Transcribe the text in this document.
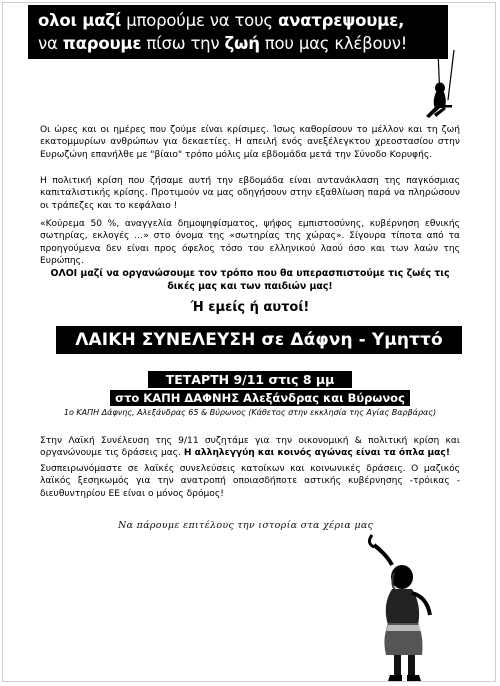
ολοι μαζί μπορούμε να τους ανατρεψουμε,
να παρουμε πίσω την ζωή που μας κλέβουν!

Οι ώρες και οι ημέρες που ζούμε είναι κρίσιμες. Ίσως καθορίσουν το μέλλον και τη ζωή εκατομμυρίων ανθρώπων για δεκαετίες. Η απειλή ενός ανεξέλεγκτου χρεοστασίου στην Ευρωζώνη επανήλθε με "βίαιο" τρόπο μόλις μία εβδομάδα μετά την Σύνοδο Κορυφής.

Η πολιτική κρίση που ζήσαμε αυτή την εβδομάδα είναι αντανάκλαση της παγκόσμιας καπιταλιστικής κρίσης. Προτιμούν να μας οδηγήσουν στην εξαθλίωση παρά να πληρώσουν οι τράπεζες και το κεφάλαιο !

«Κούρεμα 50 %, αναγγελία δημοψηφίσματος, ψήφος εμπιστοσύνης, κυβέρνηση εθνικής σωτηρίας, εκλογές …» στο όνομα της «σωτηρίας της χώρας». Σίγουρα τίποτα από τα προηγούμενα δεν είναι προς όφελος τόσο του ελληνικού λαού όσο και των λαών της Ευρώπης.

ΟΛΟΙ μαζί να οργανώσουμε τον τρόπο που θα υπερασπιστούμε τις ζωές τις δικές μας και των παιδιών μας!

Ή εμείς ή αυτοί!

ΛΑΙΚΗ ΣΥΝΕΛΕΥΣΗ σε Δάφνη - Υμηττό
ΤΕΤΑΡΤΗ 9/11 στις 8 μμ
στο ΚΑΠΗ ΔΑΦΝΗΣ Αλεξάνδρας και Βύρωνος

1ο ΚΑΠΗ Δάφνης, Αλεξάνδρας 65 & Βύρωνος (Κάθετος στην εκκλησία της Αγίας Βαρβάρας)

Στην Λαϊκή Συνέλευση της 9/11 συζητάμε για την οικονομική & πολιτική κρίση και οργανώνουμε τις δράσεις μας. Η αλληλεγγύη και κοινός αγώνας είναι τα όπλα μας!

Συσπειρωνόμαστε σε λαϊκές συνελεύσεις κατοίκων και κοινωνικές δράσεις. Ο μαζικός λαϊκός ξεσηκωμός για την ανατροπή οποιασδήποτε αστικής κυβέρνησης -τρόικας - διευθυντηρίου ΕΕ είναι ο μόνος δρόμος!

Να πάρουμε επιτέλους την ιστορία στα χέρια μας
